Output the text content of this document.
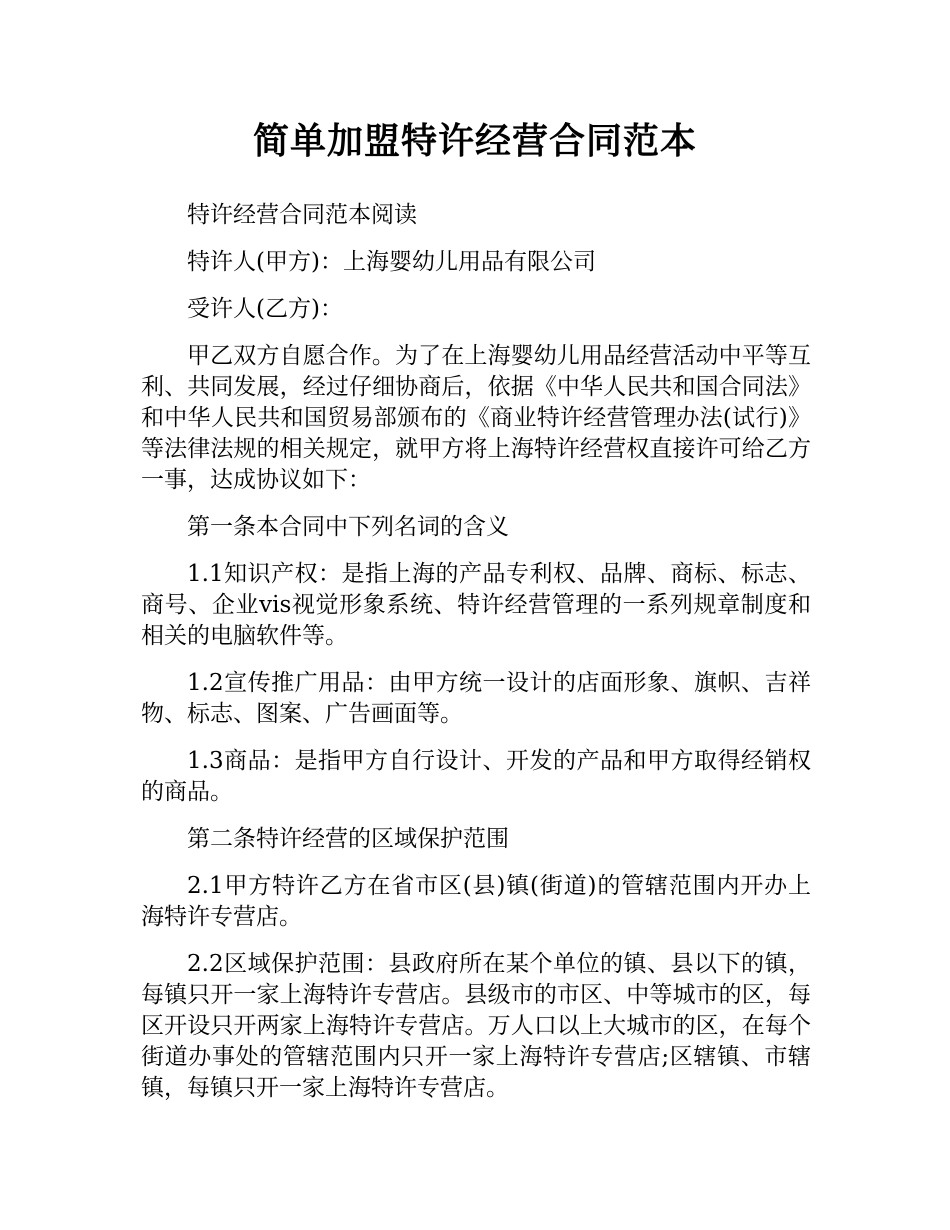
简单加盟特许经营合同范本

特许经营合同范本阅读

特许人(甲方)：上海婴幼儿用品有限公司

受许人(乙方)：

甲乙双方自愿合作。为了在上海婴幼儿用品经营活动中平等互利、共同发展，经过仔细协商后，依据《中华人民共和国合同法》和中华人民共和国贸易部颁布的《商业特许经营管理办法(试行)》等法律法规的相关规定，就甲方将上海特许经营权直接许可给乙方一事，达成协议如下：

第一条本合同中下列名词的含义

1.1知识产权：是指上海的产品专利权、品牌、商标、标志、商号、企业vis视觉形象系统、特许经营管理的一系列规章制度和相关的电脑软件等。

1.2宣传推广用品：由甲方统一设计的店面形象、旗帜、吉祥物、标志、图案、广告画面等。

1.3商品：是指甲方自行设计、开发的产品和甲方取得经销权的商品。

第二条特许经营的区域保护范围

2.1甲方特许乙方在省市区(县)镇(街道)的管辖范围内开办上海特许专营店。

2.2区域保护范围：县政府所在某个单位的镇、县以下的镇，每镇只开一家上海特许专营店。县级市的市区、中等城市的区，每区开设只开两家上海特许专营店。万人口以上大城市的区，在每个街道办事处的管辖范围内只开一家上海特许专营店;区辖镇、市辖镇，每镇只开一家上海特许专营店。
